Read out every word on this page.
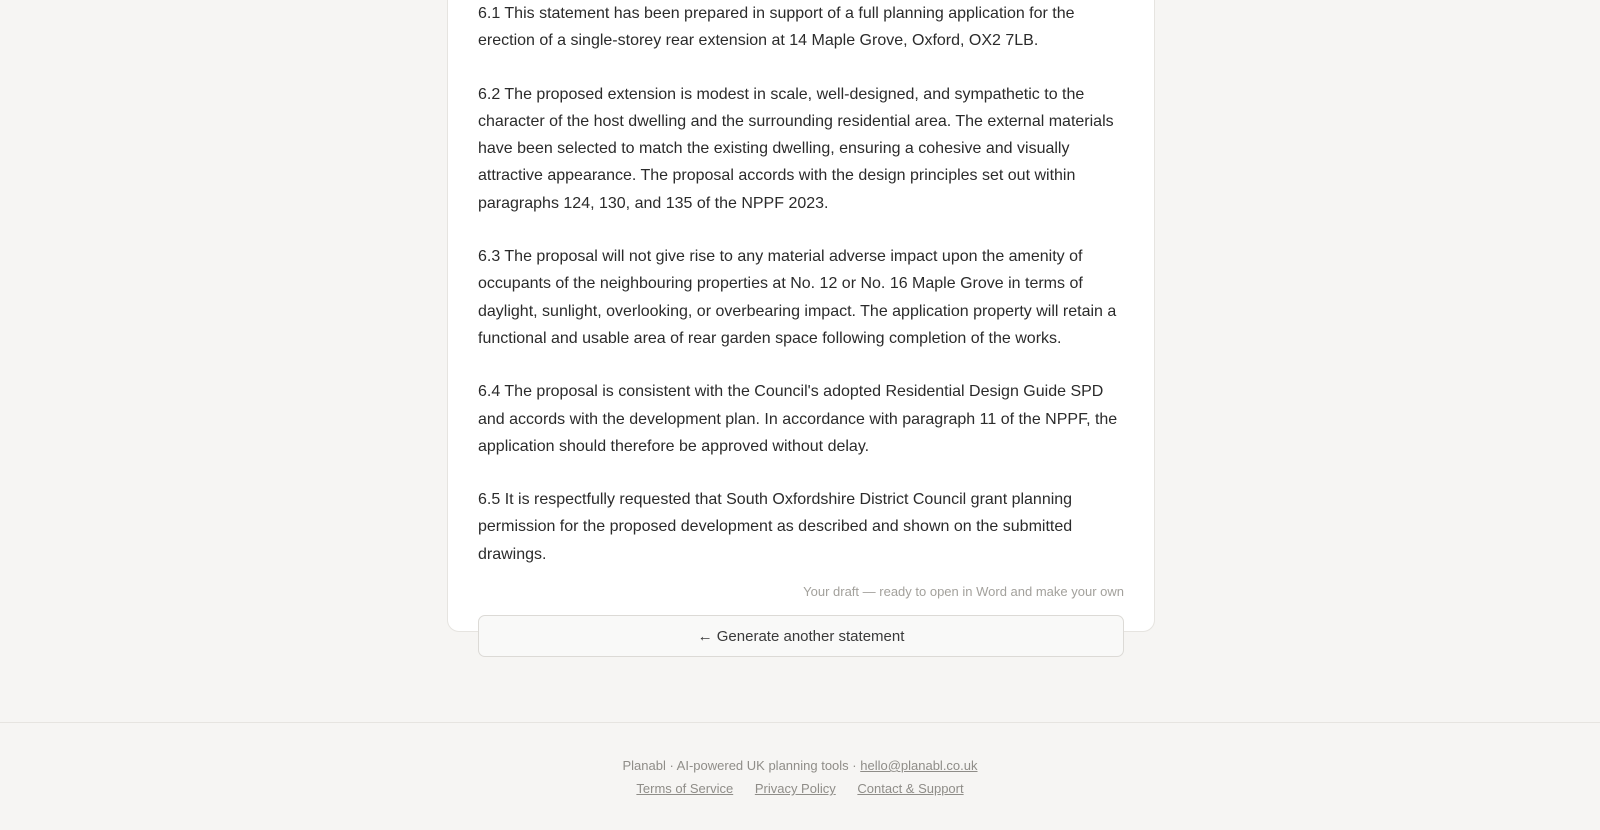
6.1 This statement has been prepared in support of a full planning application for the erection of a single-storey rear extension at 14 Maple Grove, Oxford, OX2 7LB.

6.2 The proposed extension is modest in scale, well-designed, and sympathetic to the character of the host dwelling and the surrounding residential area. The external materials have been selected to match the existing dwelling, ensuring a cohesive and visually attractive appearance. The proposal accords with the design principles set out within paragraphs 124, 130, and 135 of the NPPF 2023.

6.3 The proposal will not give rise to any material adverse impact upon the amenity of occupants of the neighbouring properties at No. 12 or No. 16 Maple Grove in terms of daylight, sunlight, overlooking, or overbearing impact. The application property will retain a functional and usable area of rear garden space following completion of the works.

6.4 The proposal is consistent with the Council's adopted Residential Design Guide SPD and accords with the development plan. In accordance with paragraph 11 of the NPPF, the application should therefore be approved without delay.

6.5 It is respectfully requested that South Oxfordshire District Council grant planning permission for the proposed development as described and shown on the submitted drawings.

Your draft — ready to open in Word and make your own
← Generate another statement
Planabl · AI-powered UK planning tools · hello@planabl.co.uk
Terms of Service Privacy Policy Contact & Support
